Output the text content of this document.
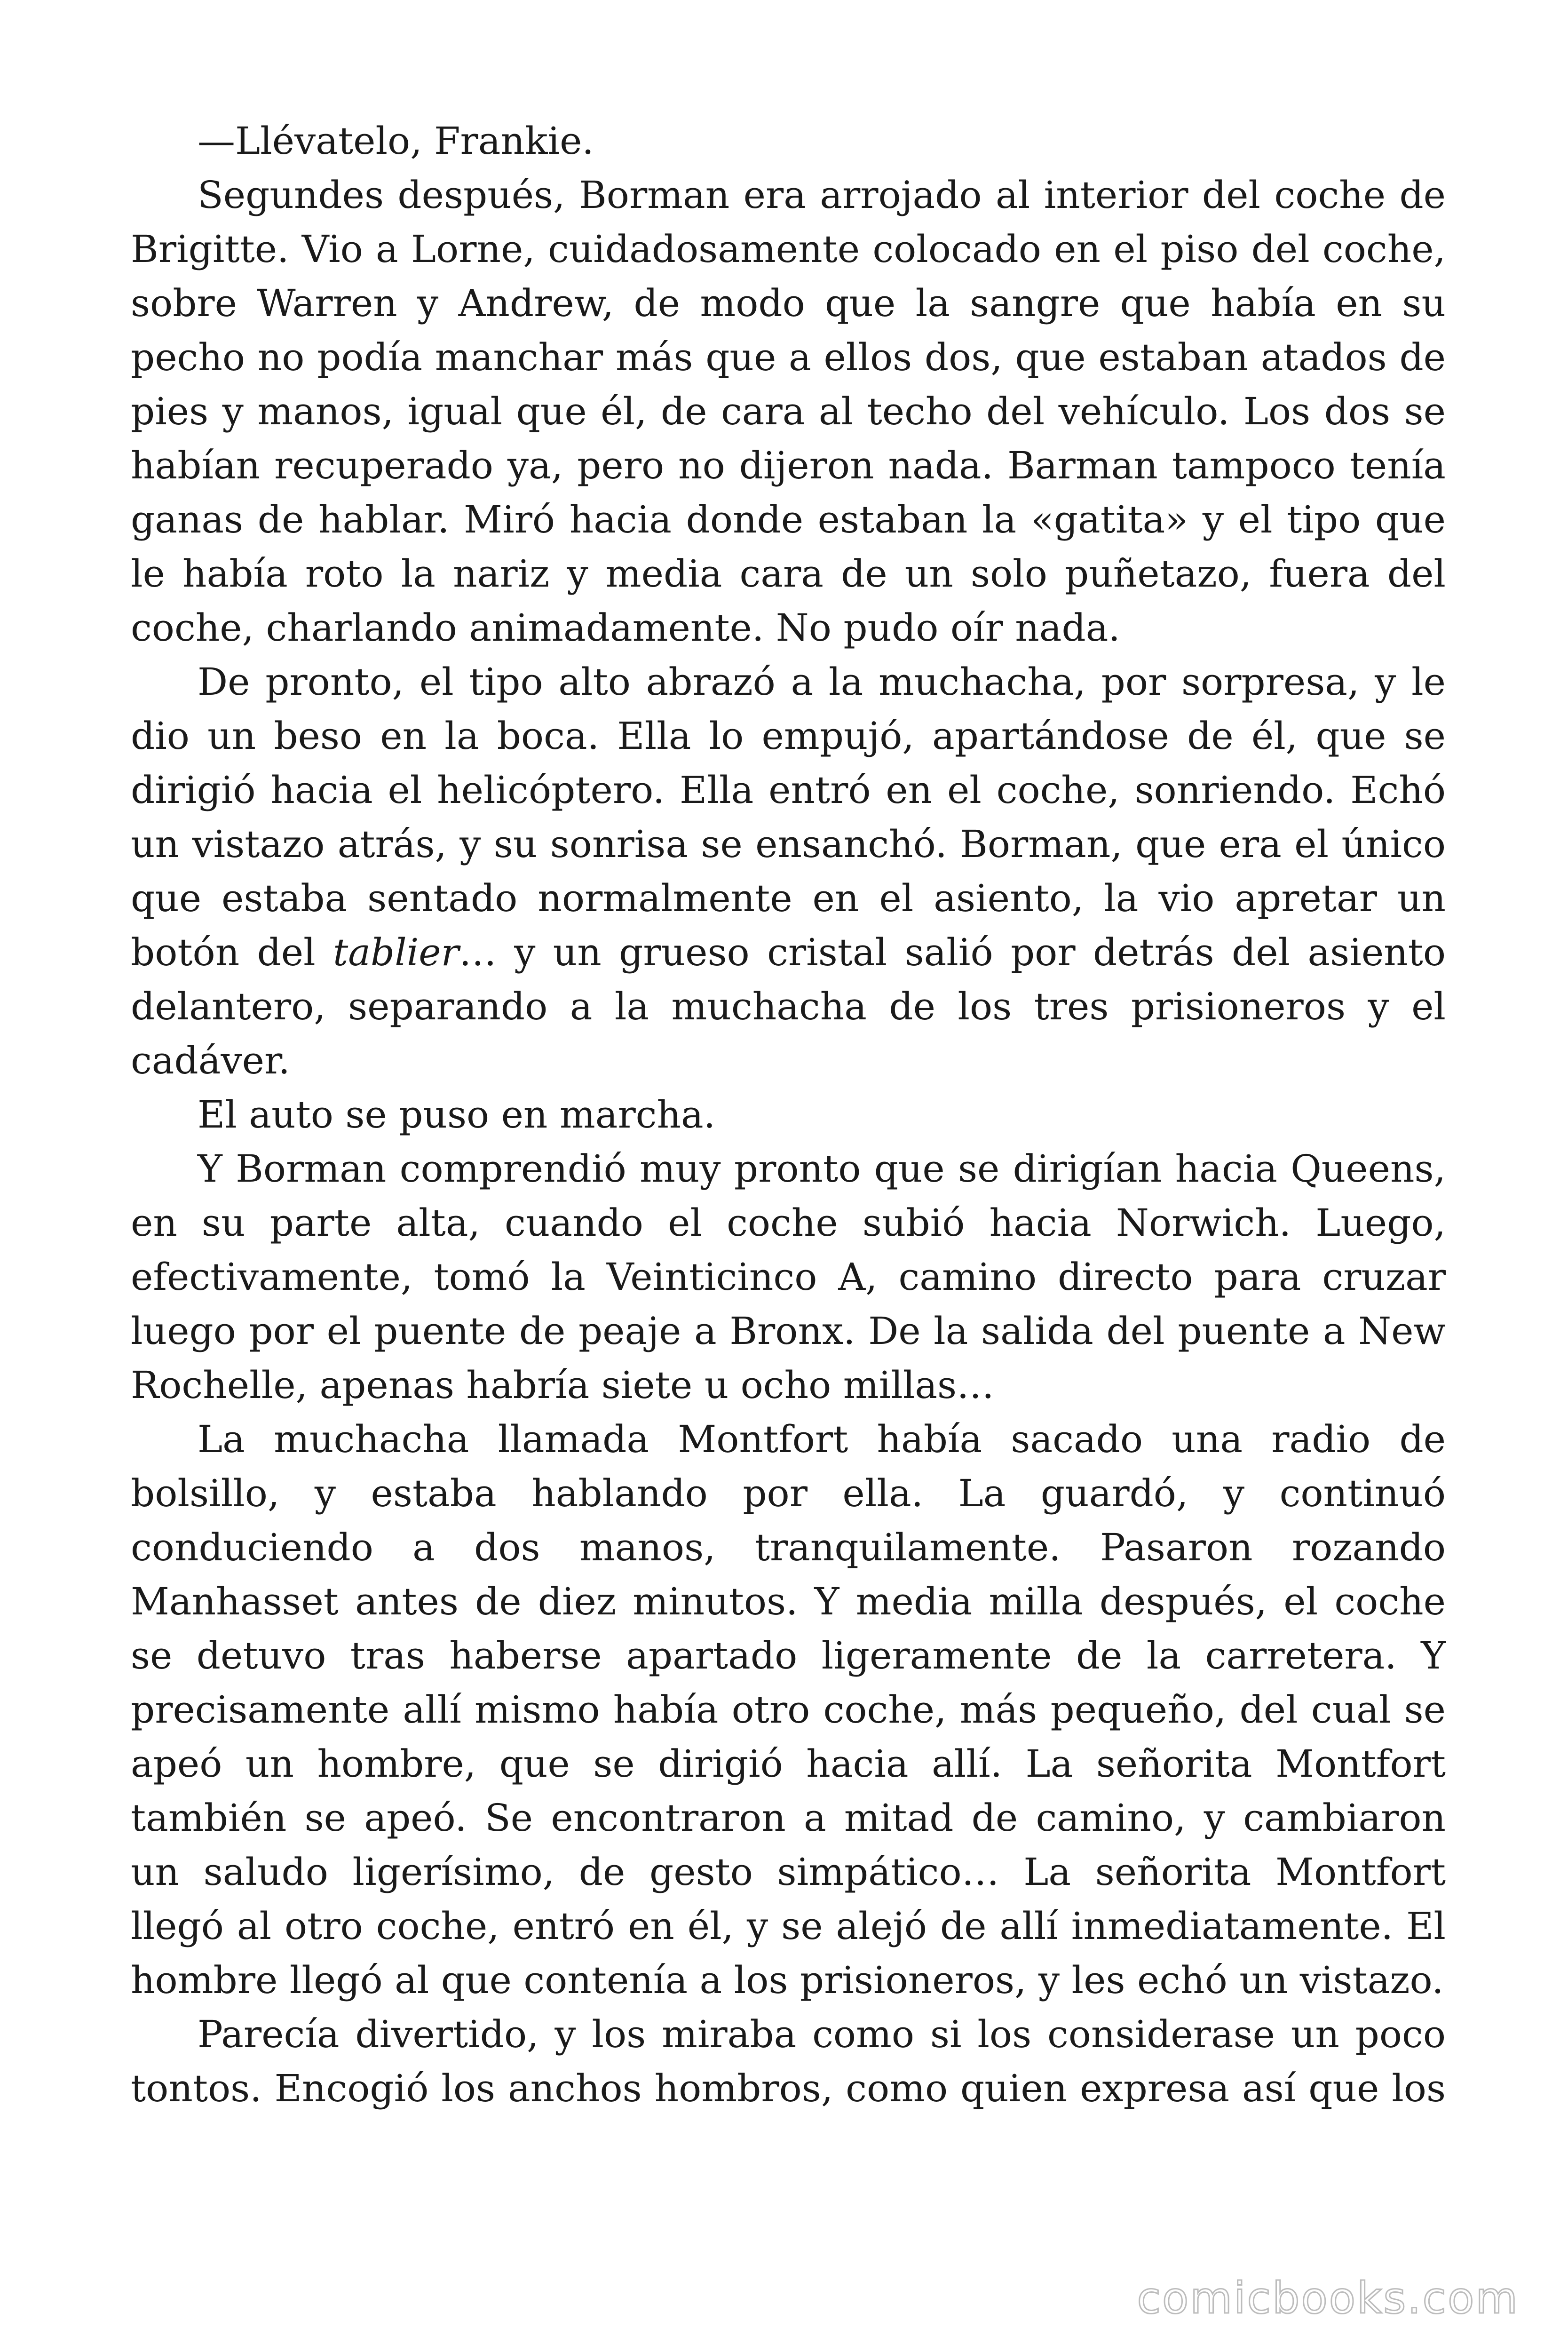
—Llévatelo, Frankie.

Segundes después, Borman era arrojado al interior del coche de Brigitte. Vio a Lorne, cuidadosamente colocado en el piso del coche, sobre Warren y Andrew, de modo que la sangre que había en su pecho no podía manchar más que a ellos dos, que estaban atados de pies y manos, igual que él, de cara al techo del vehículo. Los dos se habían recuperado ya, pero no dijeron nada. Barman tampoco tenía ganas de hablar. Miró hacia donde estaban la «gatita» y el tipo que le había roto la nariz y media cara de un solo puñetazo, fuera del coche, charlando animadamente. No pudo oír nada.

De pronto, el tipo alto abrazó a la muchacha, por sorpresa, y le dio un beso en la boca. Ella lo empujó, apartándose de él, que se dirigió hacia el helicóptero. Ella entró en el coche, sonriendo. Echó un vistazo atrás, y su sonrisa se ensanchó. Borman, que era el único que estaba sentado normalmente en el asiento, la vio apretar un botón del tablier… y un grueso cristal salió por detrás del asiento delantero, separando a la muchacha de los tres prisioneros y el cadáver.

El auto se puso en marcha.

Y Borman comprendió muy pronto que se dirigían hacia Queens, en su parte alta, cuando el coche subió hacia Norwich. Luego, efectivamente, tomó la Veinticinco A, camino directo para cruzar luego por el puente de peaje a Bronx. De la salida del puente a New Rochelle, apenas habría siete u ocho millas…

La muchacha llamada Montfort había sacado una radio de bolsillo, y estaba hablando por ella. La guardó, y continuó conduciendo a dos manos, tranquilamente. Pasaron rozando Manhasset antes de diez minutos. Y media milla después, el coche se detuvo tras haberse apartado ligeramente de la carretera. Y precisamente allí mismo había otro coche, más pequeño, del cual se apeó un hombre, que se dirigió hacia allí. La señorita Montfort también se apeó. Se encontraron a mitad de camino, y cambiaron un saludo ligerísimo, de gesto simpático… La señorita Montfort llegó al otro coche, entró en él, y se alejó de allí inmediatamente. El hombre llegó al que contenía a los prisioneros, y les echó un vistazo.

Parecía divertido, y los miraba como si los considerase un poco tontos. Encogió los anchos hombros, como quien expresa así que los

comicbooks.com
